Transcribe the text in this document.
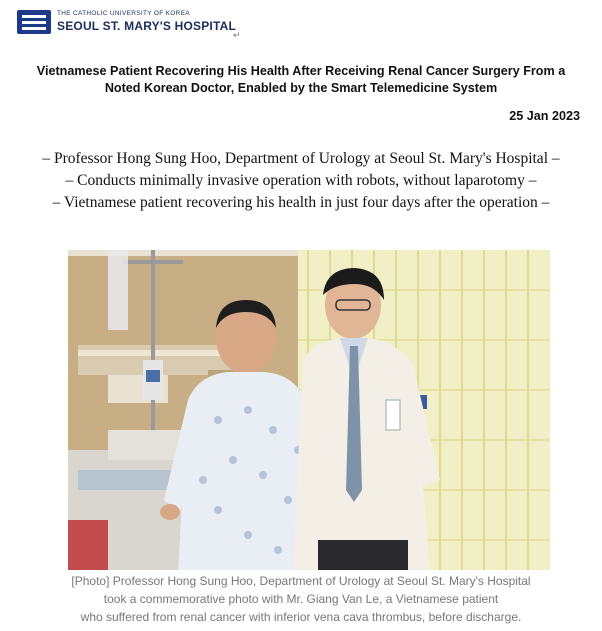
THE CATHOLIC UNIVERSITY OF KOREA
SEOUL ST. MARY'S HOSPITAL
↵
Vietnamese Patient Recovering His Health After Receiving Renal Cancer Surgery From a
Noted Korean Doctor, Enabled by the Smart Telemedicine System
25 Jan 2023
– Professor Hong Sung Hoo, Department of Urology at Seoul St. Mary's Hospital –
– Conducts minimally invasive operation with robots, without laparotomy –
– Vietnamese patient recovering his health in just four days after the operation –
[Photo] Professor Hong Sung Hoo, Department of Urology at Seoul St. Mary's Hospital
took a commemorative photo with Mr. Giang Van Le, a Vietnamese patient
who suffered from renal cancer with inferior vena cava thrombus, before discharge.
